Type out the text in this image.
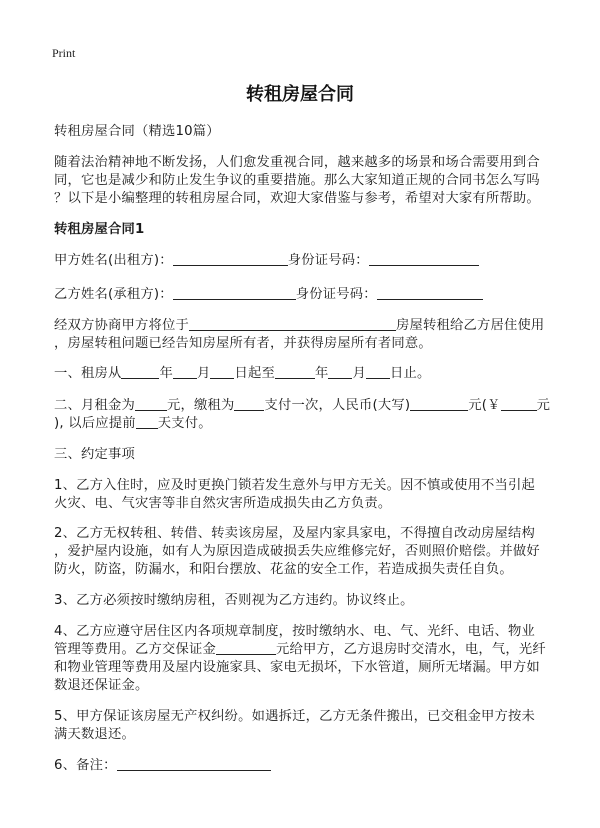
Print
转租房屋合同
转租房屋合同（精选10篇）
随着法治精神地不断发扬，人们愈发重视合同，越来越多的场景和场合需要用到合
同，它也是减少和防止发生争议的重要措施。那么大家知道正规的合同书怎么写吗
？以下是小编整理的转租房屋合同，欢迎大家借鉴与参考，希望对大家有所帮助。
转租房屋合同1
甲方姓名(出租方)：	身份证号码：
乙方姓名(承租方)：	身份证号码：
经双方协商甲方将位于	房屋转租给乙方居住使用
，房屋转租问题已经告知房屋所有者，并获得房屋所有者同意。
一、租房从	年 月 日起至	年 月 日止。
二、月租金为 元，缴租为 支付一次，人民币(大写)	元(￥	元
), 以后应提前 天支付。
三、约定事项
1、乙方入住时，应及时更换门锁若发生意外与甲方无关。因不慎或使用不当引起
火灾、电、气灾害等非自然灾害所造成损失由乙方负责。
2、乙方无权转租、转借、转卖该房屋，及屋内家具家电，不得擅自改动房屋结构
，爱护屋内设施，如有人为原因造成破损丢失应维修完好，否则照价赔偿。并做好
防火，防盗，防漏水，和阳台摆放、花盆的安全工作，若造成损失责任自负。
3、乙方必须按时缴纳房租，否则视为乙方违约。协议终止。
4、乙方应遵守居住区内各项规章制度，按时缴纳水、电、气、光纤、电话、物业
管理等费用。乙方交保证金	元给甲方，乙方退房时交清水，电，气，光纤
和物业管理等费用及屋内设施家具、家电无损坏，下水管道，厕所无堵漏。甲方如
数退还保证金。
5、甲方保证该房屋无产权纠纷。如遇拆迁，乙方无条件搬出，已交租金甲方按未
满天数退还。
6、备注：
